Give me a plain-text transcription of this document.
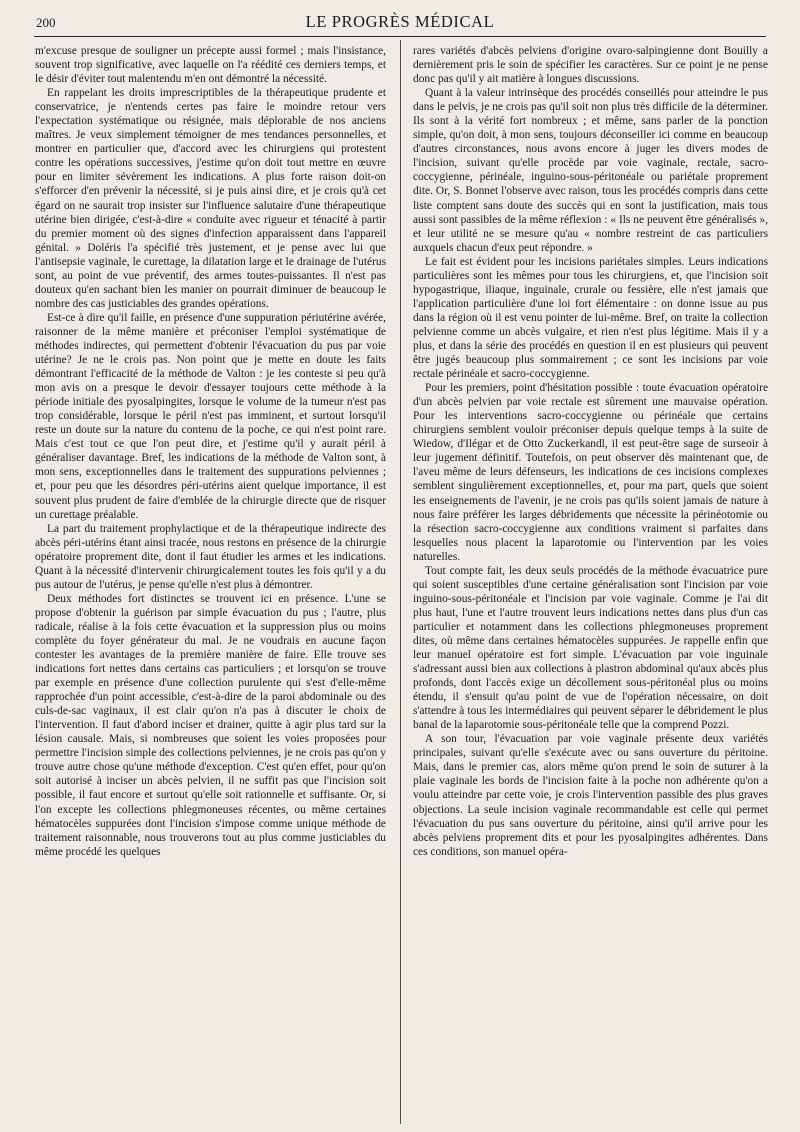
200	LE PROGRÈS MÉDICAL

m'excuse presque de souligner un précepte aussi formel ; mais l'insistance, souvent trop significative, avec laquelle on l'a réédité ces derniers temps, et le désir d'éviter tout malentendu m'en ont démontré la nécessité.

En rappelant les droits imprescriptibles de la thérapeutique prudente et conservatrice, je n'entends certes pas faire le moindre retour vers l'expectation systématique ou résignée, mais déplorable de nos anciens maîtres. Je veux simplement témoigner de mes tendances personnelles, et montrer en particulier que, d'accord avec les chirurgiens qui protestent contre les opérations successives, j'estime qu'on doit tout mettre en œuvre pour en limiter sévèrement les indications. A plus forte raison doit-on s'efforcer d'en prévenir la nécessité, si je puis ainsi dire, et je crois qu'à cet égard on ne saurait trop insister sur l'influence salutaire d'une thérapeutique utérine bien dirigée, c'est-à-dire « conduite avec rigueur et ténacité à partir du premier moment où des signes d'infection apparaissent dans l'appareil génital. » Doléris l'a spécifié très justement, et je pense avec lui que l'antisepsie vaginale, le curettage, la dilatation large et le drainage de l'utérus sont, au point de vue préventif, des armes toutes-puissantes. Il n'est pas douteux qu'en sachant bien les manier on pourrait diminuer de beaucoup le nombre des cas justiciables des grandes opérations.

Est-ce à dire qu'il faille, en présence d'une suppuration périutérine avérée, raisonner de la même manière et préconiser l'emploi systématique de méthodes indirectes, qui permettent d'obtenir l'évacuation du pus par voie utérine? Je ne le crois pas. Non point que je mette en doute les faits démontrant l'efficacité de la méthode de Valton : je les conteste si peu qu'à mon avis on a presque le devoir d'essayer toujours cette méthode à la période initiale des pyosalpingites, lorsque le volume de la tumeur n'est pas trop considérable, lorsque le péril n'est pas imminent, et surtout lorsqu'il reste un doute sur la nature du contenu de la poche, ce qui n'est point rare. Mais c'est tout ce que l'on peut dire, et j'estime qu'il y aurait péril à généraliser davantage. Bref, les indications de la méthode de Valton sont, à mon sens, exceptionnelles dans le traitement des suppurations pelviennes ; et, pour peu que les désordres péri-utérins aient quelque importance, il est souvent plus prudent de faire d'emblée de la chirurgie directe que de risquer un curettage préalable.

La part du traitement prophylactique et de la thérapeutique indirecte des abcès péri-utérins étant ainsi tracée, nous restons en présence de la chirurgie opératoire proprement dite, dont il faut étudier les armes et les indications. Quant à la nécessité d'intervenir chirurgicalement toutes les fois qu'il y a du pus autour de l'utérus, je pense qu'elle n'est plus à démontrer.

Deux méthodes fort distinctes se trouvent ici en présence. L'une se propose d'obtenir la guérison par simple évacuation du pus ; l'autre, plus radicale, réalise à la fois cette évacuation et la suppression plus ou moins complète du foyer générateur du mal. Je ne voudrais en aucune façon contester les avantages de la première manière de faire. Elle trouve ses indications fort nettes dans certains cas particuliers ; et lorsqu'on se trouve par exemple en présence d'une collection purulente qui s'est d'elle-même rapprochée d'un point accessible, c'est-à-dire de la paroi abdominale ou des culs-de-sac vaginaux, il est clair qu'on n'a pas à discuter le choix de l'intervention. Il faut d'abord inciser et drainer, quitte à agir plus tard sur la lésion causale. Mais, si nombreuses que soient les voies proposées pour permettre l'incision simple des collections pelviennes, je ne crois pas qu'on y trouve autre chose qu'une méthode d'exception. C'est qu'en effet, pour qu'on soit autorisé à inciser un abcès pelvien, il ne suffit pas que l'incision soit possible, il faut encore et surtout qu'elle soit rationnelle et suffisante. Or, si l'on excepte les collections phlegmoneuses récentes, ou même certaines hématocèles suppurées dont l'incision s'impose comme unique méthode de traitement raisonnable, nous trouverons tout au plus comme justiciables du même procédé les quelques

rares variétés d'abcès pelviens d'origine ovaro-salpingienne dont Bouilly a dernièrement pris le soin de spécifier les caractères. Sur ce point je ne pense donc pas qu'il y ait matière à longues discussions.

Quant à la valeur intrinsèque des procédés conseillés pour atteindre le pus dans le pelvis, je ne crois pas qu'il soit non plus très difficile de la déterminer. Ils sont à la vérité fort nombreux ; et même, sans parler de la ponction simple, qu'on doit, à mon sens, toujours déconseiller ici comme en beaucoup d'autres circonstances, nous avons encore à juger les divers modes de l'incision, suivant qu'elle procède par voie vaginale, rectale, sacro-coccygienne, périnéale, inguino-sous-péritonéale ou pariétale proprement dite. Or, S. Bonnet l'observe avec raison, tous les procédés compris dans cette liste comptent sans doute des succès qui en sont la justification, mais tous aussi sont passibles de la même réflexion : « Ils ne peuvent être généralisés », et leur utilité ne se mesure qu'au « nombre restreint de cas particuliers auxquels chacun d'eux peut répondre. »

Le fait est évident pour les incisions pariétales simples. Leurs indications particulières sont les mêmes pour tous les chirurgiens, et, que l'incision soit hypogastrique, iliaque, inguinale, crurale ou fessière, elle n'est jamais que l'application particulière d'une loi fort élémentaire : on donne issue au pus dans la région où il est venu pointer de lui-même. Bref, on traite la collection pelvienne comme un abcès vulgaire, et rien n'est plus légitime. Mais il y a plus, et dans la série des procédés en question il en est plusieurs qui peuvent être jugés beaucoup plus sommairement ; ce sont les incisions par voie rectale périnéale et sacro-coccygienne.

Pour les premiers, point d'hésitation possible : toute évacuation opératoire d'un abcès pelvien par voie rectale est sûrement une mauvaise opération. Pour les interventions sacro-coccygienne ou périnéale que certains chirurgiens semblent vouloir préconiser depuis quelque temps à la suite de Wiedow, d'Ilégar et de Otto Zuckerkandl, il est peut-être sage de surseoir à leur jugement définitif. Toutefois, on peut observer dès maintenant que, de l'aveu même de leurs défenseurs, les indications de ces incisions complexes semblent singulièrement exceptionnelles, et, pour ma part, quels que soient les enseignements de l'avenir, je ne crois pas qu'ils soient jamais de nature à nous faire préférer les larges débridements que nécessite la périnéotomie ou la résection sacro-coccygienne aux conditions vraiment si parfaites dans lesquelles nous placent la laparotomie ou l'intervention par les voies naturelles.

Tout compte fait, les deux seuls procédés de la méthode évacuatrice pure qui soient susceptibles d'une certaine généralisation sont l'incision par voie inguino-sous-péritonéale et l'incision par voie vaginale. Comme je l'ai dit plus haut, l'une et l'autre trouvent leurs indications nettes dans plus d'un cas particulier et notamment dans les collections phlegmoneuses proprement dites, où même dans certaines hématocèles suppurées. Je rappelle enfin que leur manuel opératoire est fort simple. L'évacuation par voie inguinale s'adressant aussi bien aux collections à plastron abdominal qu'aux abcès plus profonds, dont l'accès exige un décollement sous-péritonéal plus ou moins étendu, il s'ensuit qu'au point de vue de l'opération nécessaire, on doit s'attendre à tous les intermédiaires qui peuvent séparer le débridement le plus banal de la laparotomie sous-péritonéale telle que la comprend Pozzi.

A son tour, l'évacuation par voie vaginale présente deux variétés principales, suivant qu'elle s'exécute avec ou sans ouverture du péritoine. Mais, dans le premier cas, alors même qu'on prend le soin de suturer à la plaie vaginale les bords de l'incision faite à la poche non adhérente qu'on a voulu atteindre par cette voie, je crois l'intervention passible des plus graves objections. La seule incision vaginale recommandable est celle qui permet l'évacuation du pus sans ouverture du péritoine, ainsi qu'il arrive pour les abcès pelviens proprement dits et pour les pyosalpingites adhérentes. Dans ces conditions, son manuel opéra-
